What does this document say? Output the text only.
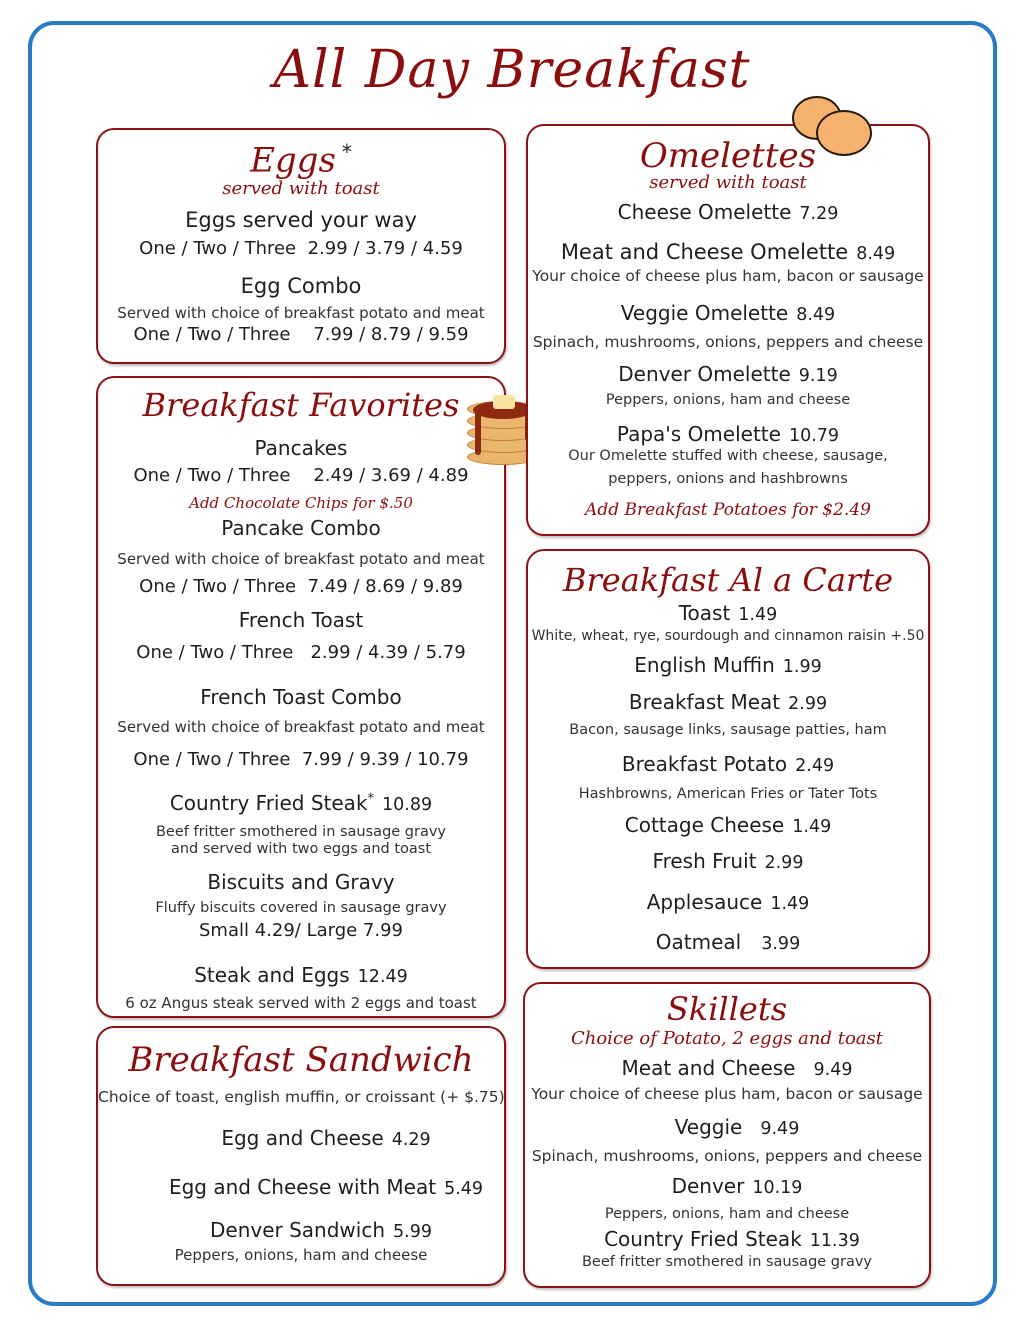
All Day Breakfast
Eggs *
served with toast
Eggs served your way
One / Two / Three 2.99 / 3.79 / 4.59
Egg Combo
Served with choice of breakfast potato and meat
One / Two / Three 7.99 / 8.79 / 9.59
Breakfast Favorites
Pancakes
One / Two / Three 2.49 / 3.69 / 4.89
Add Chocolate Chips for $.50
Pancake Combo
Served with choice of breakfast potato and meat
One / Two / Three 7.49 / 8.69 / 9.89
French Toast
One / Two / Three 2.99 / 4.39 / 5.79
French Toast Combo
Served with choice of breakfast potato and meat
One / Two / Three 7.99 / 9.39 / 10.79
Country Fried Steak* 10.89
Beef fritter smothered in sausage gravy
and served with two eggs and toast
Biscuits and Gravy
Fluffy biscuits covered in sausage gravy
Small 4.29/ Large 7.99
Steak and Eggs 12.49
6 oz Angus steak served with 2 eggs and toast
Breakfast Sandwich
Choice of toast, english muffin, or croissant (+ $.75)
Egg and Cheese 4.29
Egg and Cheese with Meat 5.49
Denver Sandwich 5.99
Peppers, onions, ham and cheese
Omelettes
served with toast
Cheese Omelette 7.29
Meat and Cheese Omelette 8.49
Your choice of cheese plus ham, bacon or sausage
Veggie Omelette 8.49
Spinach, mushrooms, onions, peppers and cheese
Denver Omelette 9.19
Peppers, onions, ham and cheese
Papa's Omelette 10.79
Our Omelette stuffed with cheese, sausage,
peppers, onions and hashbrowns
Add Breakfast Potatoes for $2.49
Breakfast Al a Carte
Toast 1.49
White, wheat, rye, sourdough and cinnamon raisin +.50
English Muffin 1.99
Breakfast Meat 2.99
Bacon, sausage links, sausage patties, ham
Breakfast Potato 2.49
Hashbrowns, American Fries or Tater Tots
Cottage Cheese 1.49
Fresh Fruit 2.99
Applesauce 1.49
Oatmeal 3.99
Skillets
Choice of Potato, 2 eggs and toast
Meat and Cheese 9.49
Your choice of cheese plus ham, bacon or sausage
Veggie 9.49
Spinach, mushrooms, onions, peppers and cheese
Denver 10.19
Peppers, onions, ham and cheese
Country Fried Steak 11.39
Beef fritter smothered in sausage gravy
